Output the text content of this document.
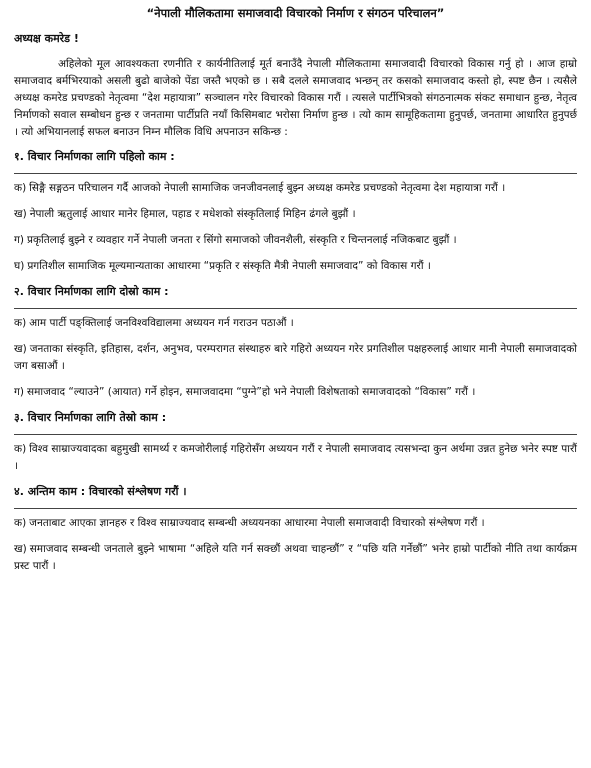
“नेपाली मौलिकतामा समाजवादी विचारको निर्माण र संगठन परिचालन”
अध्यक्ष कमरेड !

अहिलेको मूल आवश्यकता रणनीति र कार्यनीतिलाई मूर्त बनाउँदै नेपाली मौलिकतामा समाजवादी विचारको विकास गर्नु हो । आज हाम्रो समाजवाद बर्मभिरयाको असली बुढो बाजेको पेंडा जस्तै भएको छ । सबै दलले समाजवाद भन्छन् तर कसको समाजवाद कस्तो हो, स्पष्ट छैन । त्यसैले अध्यक्ष कमरेड प्रचण्डको नेतृत्वमा “देश महायात्रा” सञ्चालन गरेर विचारको विकास गरौं । त्यसले पार्टीभित्रको संगठनात्मक संकट समाधान हुन्छ, नेतृत्व निर्माणको सवाल सम्बोधन हुन्छ र जनतामा पार्टीप्रति नयाँ किसिमबाट भरोसा निर्माण हुन्छ । त्यो काम सामूहिकतामा हुनुपर्छ, जनतामा आधारित हुनुपर्छ । त्यो अभियानलाई सफल बनाउन निम्न मौलिक विधि अपनाउन सकिन्छ :

१. विचार निर्माणका लागि पहिलो काम :

क) सिङ्गै सङ्गठन परिचालन गर्दै आजको नेपाली सामाजिक जनजीवनलाई बुझ्न अध्यक्ष कमरेड प्रचण्डको नेतृत्वमा देश महायात्रा गरौं ।

ख) नेपाली ऋतुलाई आधार मानेर हिमाल, पहाड र मधेशको संस्कृतिलाई मिहिन ढंगले बुझौं ।

ग) प्रकृतिलाई बुझ्ने र व्यवहार गर्ने नेपाली जनता र सिंगो समाजको जीवनशैली, संस्कृति र चिन्तनलाई नजिकबाट बुझौं ।

घ) प्रगतिशील सामाजिक मूल्यमान्यताका आधारमा “प्रकृति र संस्कृति मैत्री नेपाली समाजवाद” को विकास गरौं ।

२. विचार निर्माणका लागि दोस्रो काम :

क) आम पार्टी पङ्क्तिलाई जनविश्वविद्यालमा अध्ययन गर्न गराउन पठाऔं ।

ख) जनताका संस्कृति, इतिहास, दर्शन, अनुभव, परम्परागत संस्थाहरु बारे गहिरो अध्ययन गरेर प्रगतिशील पक्षहरुलाई आधार मानी नेपाली समाजवादको जग बसाऔं ।

ग) समाजवाद “ल्याउने” (आयात) गर्ने होइन, समाजवादमा “पुग्ने”हो भने नेपाली विशेषताको समाजवादको “विकास” गरौं ।

३. विचार निर्माणका लागि तेस्रो काम :

क) विश्व साम्राज्यवादका बहुमुखी सामर्थ्य र कमजोरीलाई गहिरोसँग अध्ययन गरौं र नेपाली समाजवाद त्यसभन्दा कुन अर्थमा उन्नत हुनेछ भनेर स्पष्ट पारौं ।

४. अन्तिम काम : विचारको संश्लेषण गरौं ।

क) जनताबाट आएका ज्ञानहरु र विश्व साम्राज्यवाद सम्बन्धी अध्ययनका आधारमा नेपाली समाजवादी विचारको संश्लेषण गरौं ।

ख) समाजवाद सम्बन्धी जनताले बुझ्ने भाषामा “अहिले यति गर्न सक्छौं अथवा चाहन्छौं” र “पछि यति गर्नेछौं” भनेर हाम्रो पार्टीको नीति तथा कार्यक्रम प्रस्ट पारौं ।
